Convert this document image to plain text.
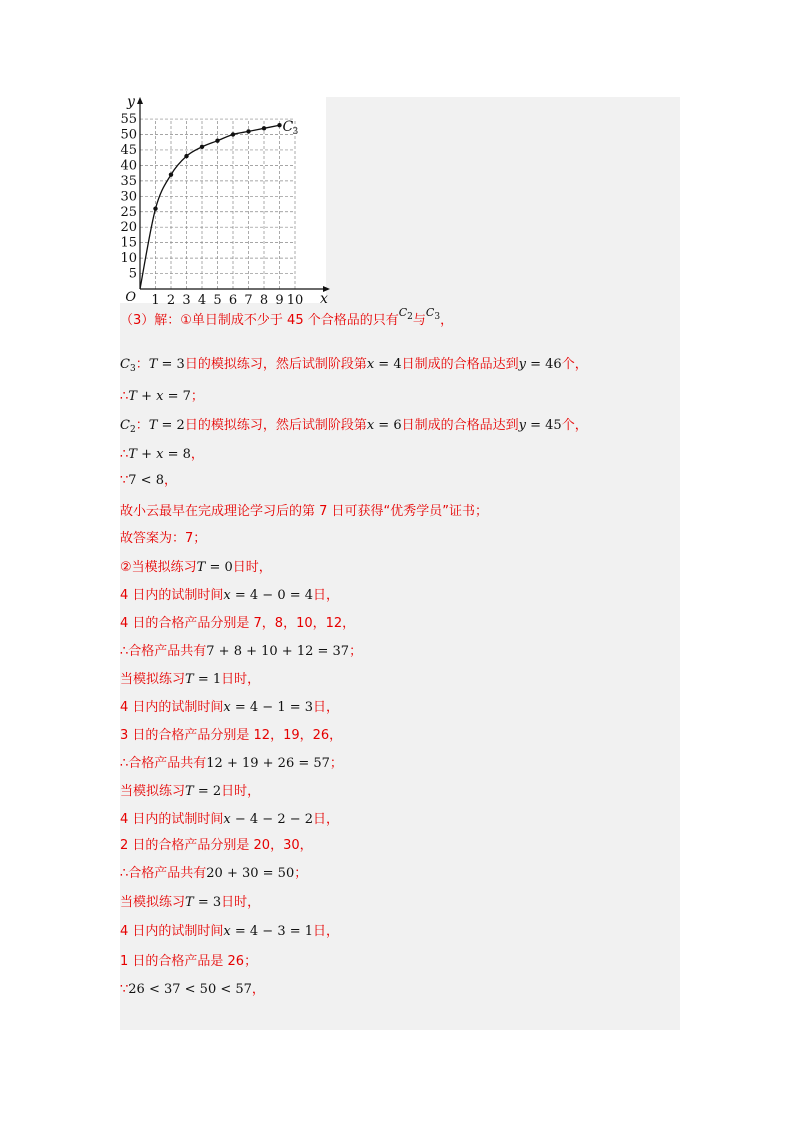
1 2 3 4 5 6 7 8 9 10
5
10
15
20
25
30
35
40
45
50
55
O	x
y
C 3
（3）解：①单日制成不少于 45 个合格品的只有$^{C2}$与$^{C3}$，
$C_3$：T = 3日的模拟练习，然后试制阶段第x = 4日制成的合格品达到y = 46个，
∴T + x = 7；
$C_2$：T = 2日的模拟练习，然后试制阶段第x = 6日制成的合格品达到y = 45个，
∴T + x = 8，
∵7 < 8，
故小云最早在完成理论学习后的第 7 日可获得“优秀学员”证书；
故答案为：7；
②当模拟练习T = 0日时，
4 日内的试制时间x = 4 − 0 = 4日，
4 日的合格产品分别是 7，8，10，12，
∴合格产品共有7 + 8 + 10 + 12 = 37；
当模拟练习T = 1日时，
4 日内的试制时间x = 4 − 1 = 3日，
3 日的合格产品分别是 12，19，26，
∴合格产品共有12 + 19 + 26 = 57；
当模拟练习T = 2日时，
4 日内的试制时间x − 4 − 2 − 2日，
2 日的合格产品分别是 20，30，
∴合格产品共有20 + 30 = 50；
当模拟练习T = 3日时，
4 日内的试制时间x = 4 − 3 = 1日，
1 日的合格产品是 26；
∵26 < 37 < 50 < 57，
